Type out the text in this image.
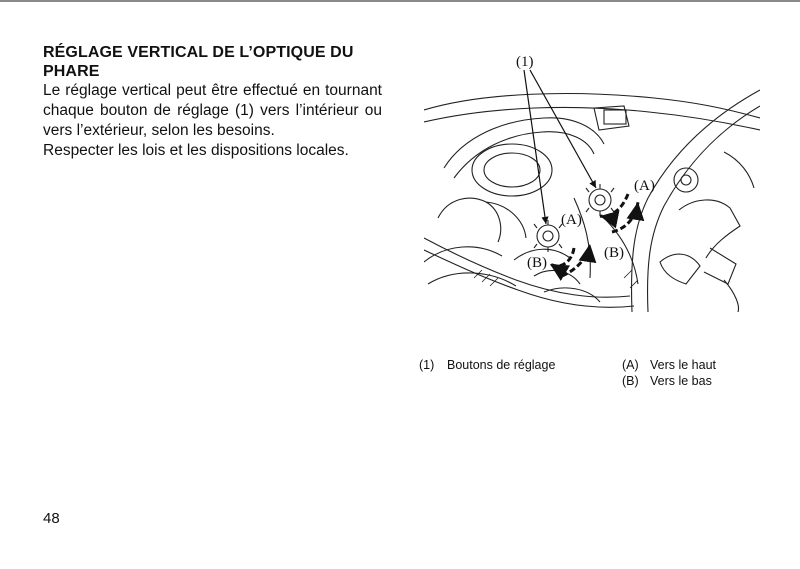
RÉGLAGE VERTICAL DE L’OPTIQUE DU PHARE

Le réglage vertical peut être effectué en tournant chaque bouton de réglage (1) vers l’intérieur ou vers l’extérieur, selon les besoins.

Respecter les lois et les dispositions locales.

(1)
(A)
(A)
(B)
(B)
(1)	Boutons de réglage	(A) Vers le haut
(B) Vers le bas
48
